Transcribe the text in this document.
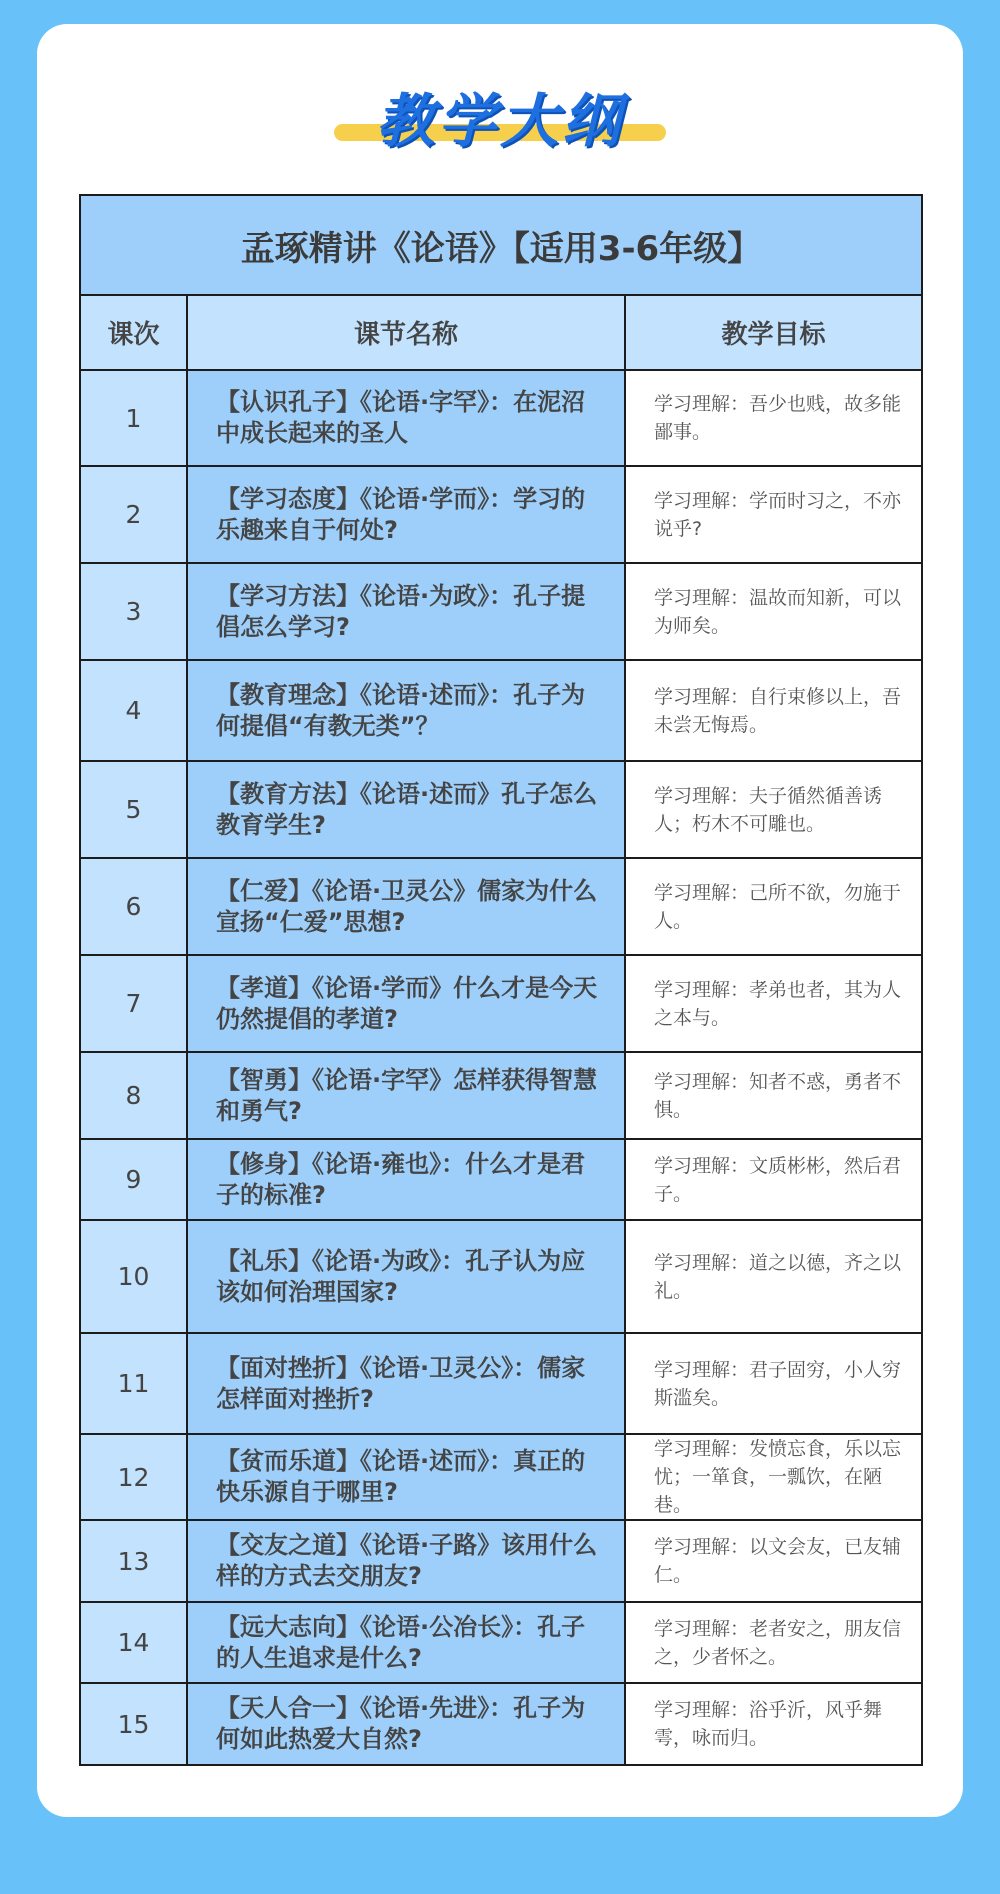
教学大纲
孟琢精讲《论语》【适用3-6年级】		
课次	课节名称	教学目标
1	【认识孔子】《论语·字罕》：在泥沼中成长起来的圣人	学习理解：吾少也贱，故多能鄙事。
2	【学习态度】《论语·学而》：学习的乐趣来自于何处?	学习理解：学而时习之，不亦说乎?
3	【学习方法】《论语·为政》：孔子提倡怎么学习?	学习理解：温故而知新，可以为师矣。
4	【教育理念】《论语·述而》：孔子为何提倡“有教无类”？	学习理解：自行束修以上，吾未尝无悔焉。
5	【教育方法】《论语·述而》孔子怎么教育学生?	学习理解：夫子循然循善诱人；朽木不可雕也。
6	【仁爱】《论语·卫灵公》儒家为什么宣扬“仁爱”思想?	学习理解：己所不欲，勿施于人。
7	【孝道】《论语·学而》什么才是今天仍然提倡的孝道?	学习理解：孝弟也者，其为人之本与。
8	【智勇】《论语·字罕》怎样获得智慧和勇气?	学习理解：知者不惑，勇者不惧。
9	【修身】《论语·雍也》：什么才是君子的标准?	学习理解：文质彬彬，然后君子。
10	【礼乐】《论语·为政》：孔子认为应该如何治理国家?	学习理解：道之以德，齐之以礼。
11	【面对挫折】《论语·卫灵公》：儒家怎样面对挫折?	学习理解：君子固穷，小人穷斯滥矣。
12	【贫而乐道】《论语·述而》：真正的快乐源自于哪里?	学习理解：发愤忘食，乐以忘忧；一箪食，一瓢饮，在陋巷。
13	【交友之道】《论语·子路》该用什么样的方式去交朋友?	学习理解：以文会友，已友辅仁。
14	【远大志向】《论语·公冶长》：孔子的人生追求是什么?	学习理解：老者安之，朋友信之，少者怀之。
15	【天人合一】《论语·先进》：孔子为何如此热爱大自然?	学习理解：浴乎沂，风乎舞雩，咏而归。
